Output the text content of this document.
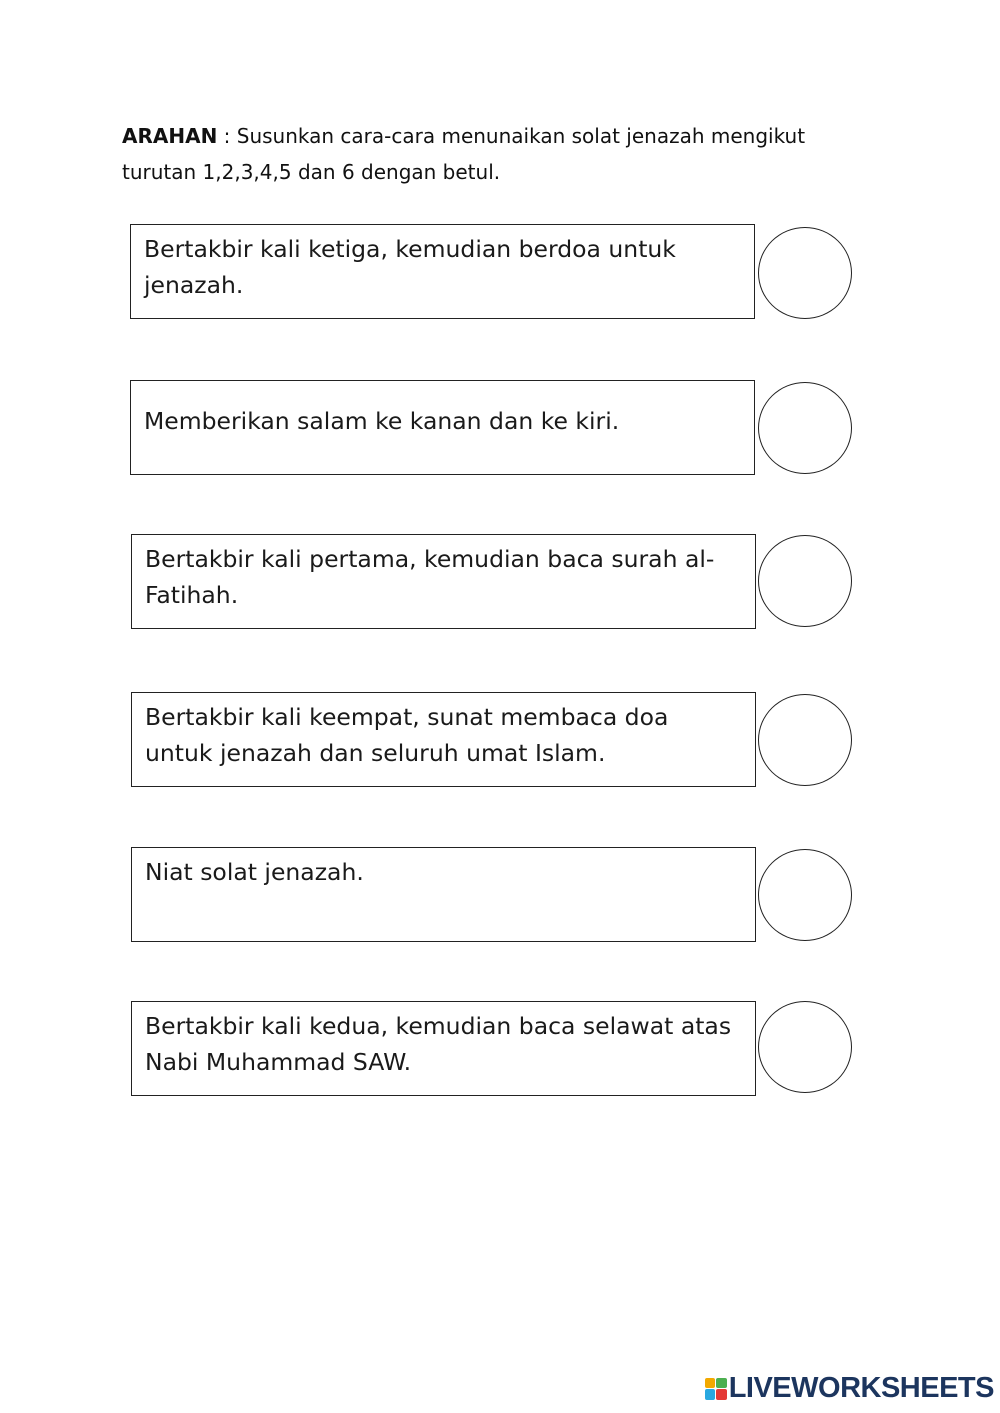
ARAHAN : Susunkan cara-cara menunaikan solat jenazah mengikut turutan 1,2,3,4,5 dan 6 dengan betul.
Bertakbir kali ketiga, kemudian berdoa untuk jenazah.
Memberikan salam ke kanan dan ke kiri.
Bertakbir kali pertama, kemudian baca surah al-Fatihah.
Bertakbir kali keempat, sunat membaca doa untuk jenazah dan seluruh umat Islam.
Niat solat jenazah.
Bertakbir kali kedua, kemudian baca selawat atas Nabi Muhammad SAW.
LIVEWORKSHEETS
